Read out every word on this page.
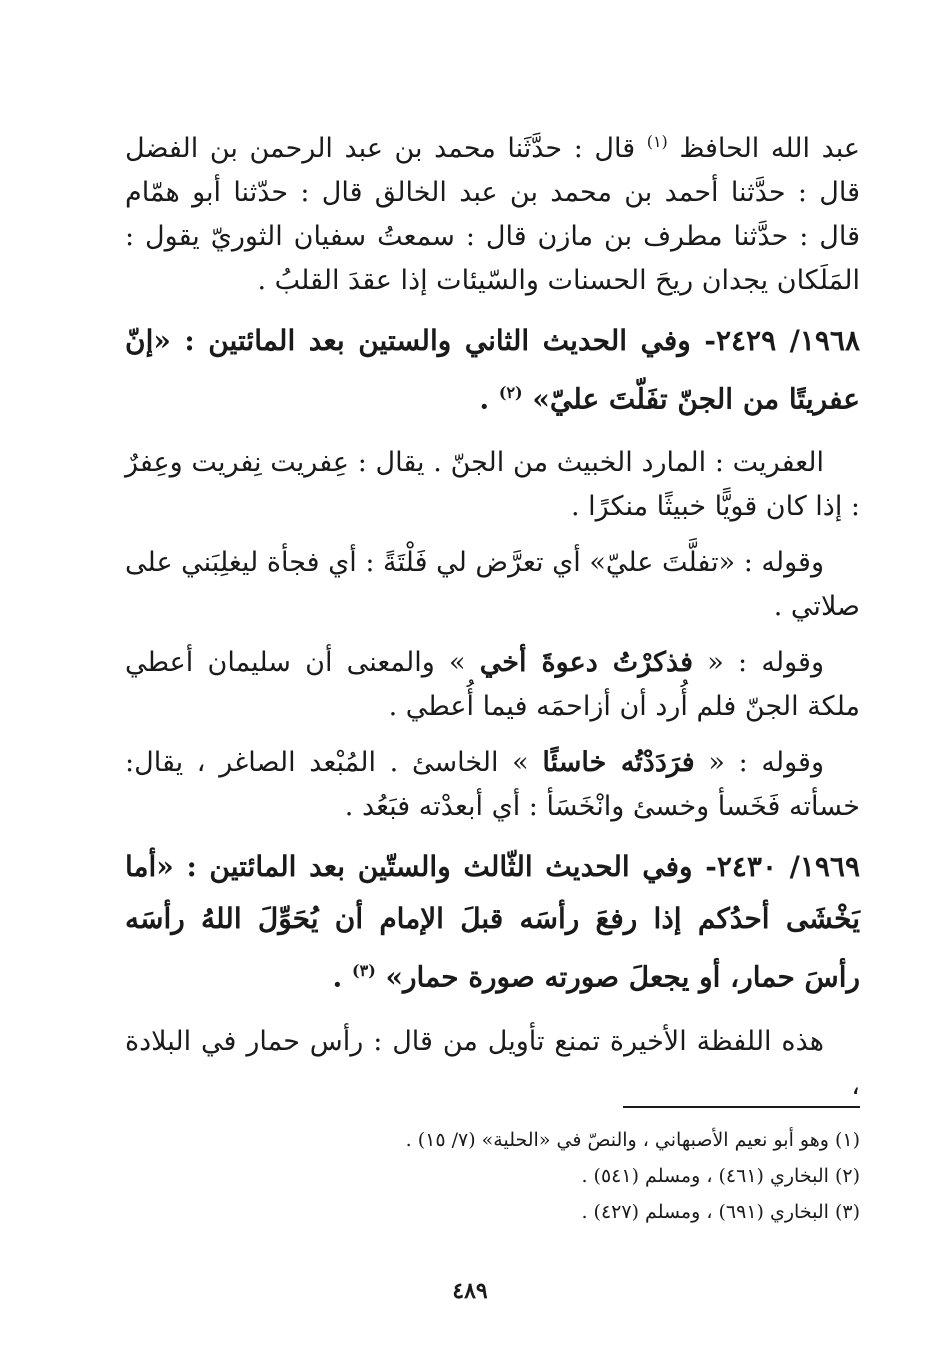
عبد الله الحافظ $^{(١)}$ قال : حدَّثَنا محمد بن عبد الرحمن بن الفضل قال : حدَّثنا أحمد بن محمد بن عبد الخالق قال : حدّثنا أبو همّام قال : حدَّثنا مطرف بن مازن قال : سمعتُ سفيان الثوريّ يقول : المَلَكان يجدان ريحَ الحسنات والسّيئات إذا عقدَ القلبُ .

١٩٦٨/ ٢٤٢٩- وفي الحديث الثاني والستين بعد المائتين : «إنّ عفريتًا من الجنّ تفَلّتَ عليّ» $^{(٢)}$ .

العفريت : المارد الخبيث من الجنّ . يقال : عِفريت نِفريت وعِفرٌ : إذا كان قويًّا خبيثًا منكرًا .

وقوله : «تفلَّتَ عليّ» أي تعرَّض لي فَلْتَةً : أي فجأة ليغلِبَني على صلاتي .

وقوله : « فذكرْتُ دعوةَ أخي » والمعنى أن سليمان أعطي ملكة الجنّ فلم أُرد أن أزاحمَه فيما أُعطي .

وقوله : « فرَدَدْتُه خاسئًا » الخاسئ . المُبْعد الصاغر ، يقال: خسأته فَخَسأ وخسئ وانْخَسَأ : أي أبعدْته فبَعُد .

١٩٦٩/ ٢٤٣٠- وفي الحديث الثّالث والستّين بعد المائتين : «أما يَخْشَى أحدُكم إذا رفعَ رأسَه قبلَ الإمام أن يُحَوِّلَ اللهُ رأسَه رأسَ حمار، أو يجعلَ صورته صورة حمار» $^{(٣)}$ .

هذه اللفظة الأخيرة تمنع تأويل من قال : رأس حمار في البلادة ،

(١) وهو أبو نعيم الأصبهاني ، والنصّ في «الحلية» (٧/ ١٥) .

(٢) البخاري (٤٦١) ، ومسلم (٥٤١) .

(٣) البخاري (٦٩١) ، ومسلم (٤٢٧) .

٤٨٩
